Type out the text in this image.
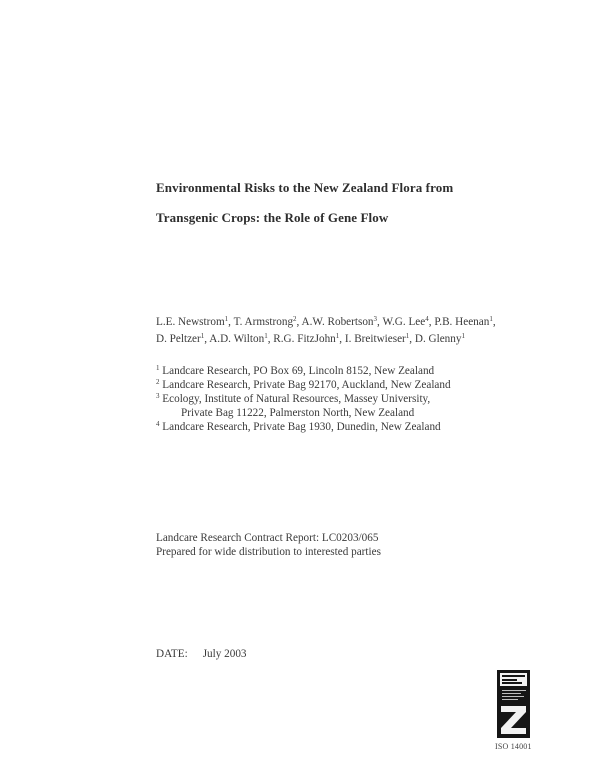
Environmental Risks to the New Zealand Flora from
Transgenic Crops: the Role of Gene Flow
L.E. Newstrom$^1$, T. Armstrong$^2$, A.W. Robertson$^3$, W.G. Lee$^4$, P.B. Heenan$^1$,
D. Peltzer$^1$, A.D. Wilton$^1$, R.G. FitzJohn$^1$, I. Breitwieser$^1$, D. Glenny$^1$
$^1$ Landcare Research, PO Box 69, Lincoln 8152, New Zealand
$^2$ Landcare Research, Private Bag 92170, Auckland, New Zealand
$^3$ Ecology, Institute of Natural Resources, Massey University,
Private Bag 11222, Palmerston North, New Zealand
$^4$ Landcare Research, Private Bag 1930, Dunedin, New Zealand
Landcare Research Contract Report: LC0203/065
Prepared for wide distribution to interested parties
DATE: July 2003
ISO 14001
